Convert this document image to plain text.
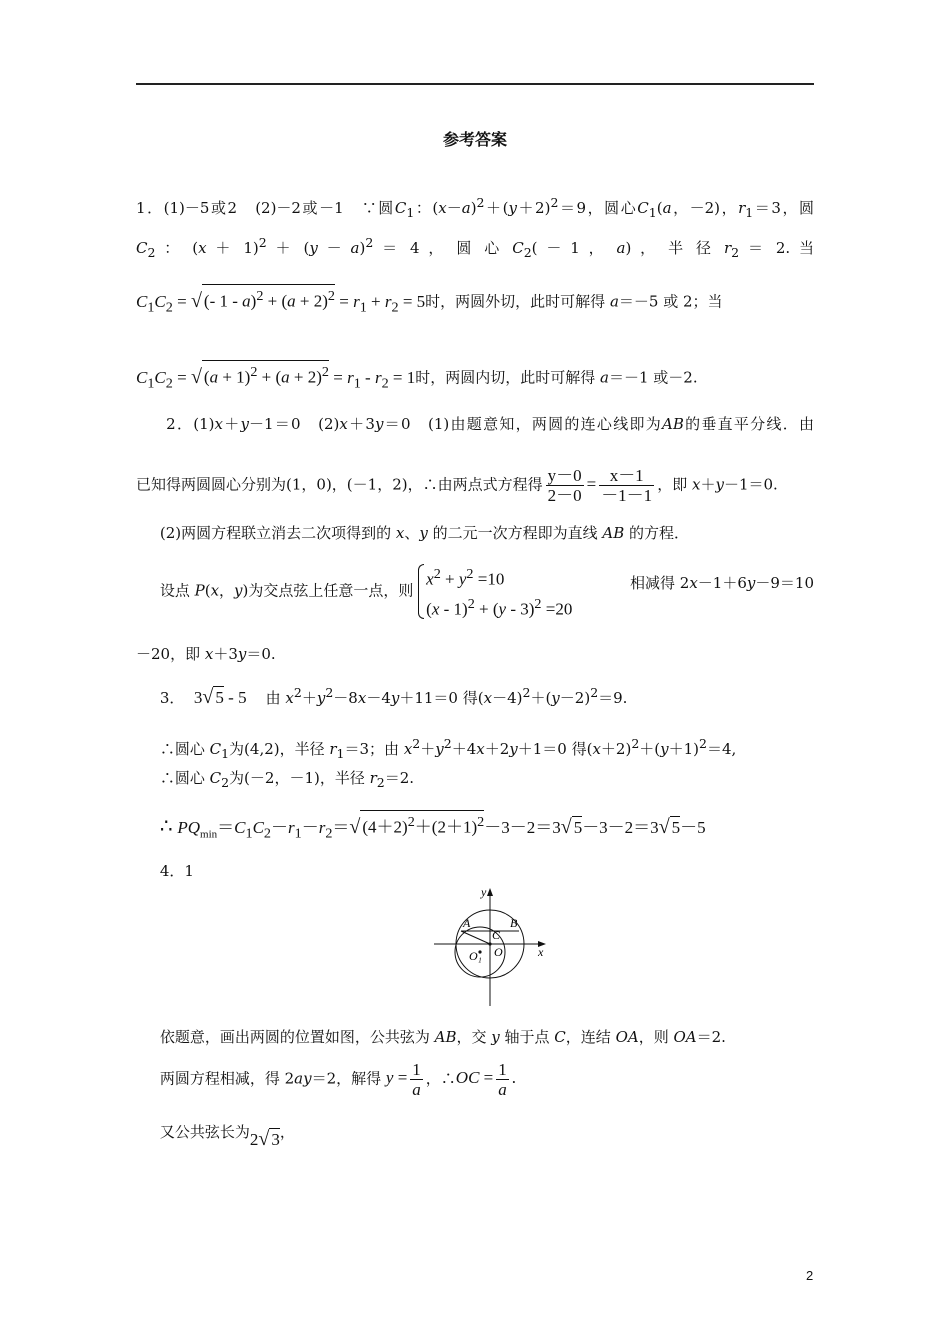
参考答案
1．(1)－5或2　(2)－2或－1　∵圆$C_1$：$(x-a)^2+(y+2)^2=9$，圆心$C_1(a$，－2)，$r_1=3$，圆
$C_2$ ： $(x + 1)^2 + (y - a)^2 = 4$ ， 圆 心 $C_2( - 1$ ， a) ， 半 径 $r_2 = 2$. 当
$C_1C_2$ = √ (- $1 - a)^2 + (a + 2)^2 = r_1 + r_2 = 5$时，两圆外切，此时可解得 a＝－5 或 2；当
$C_1C_2$ = √ $(a + 1)^2 + (a + 2)^2 = r_1 - r_2 = 1$时，两圆内切，此时可解得 a＝－1 或－2.
2．(1)x＋y－1＝0　(2)x＋3y＝0　(1)由题意知，两圆的连心线即为AB的垂直平分线．由
已知得两圆圆心分别为(1，0)，(－1，2)，∴由两点式方程得 $\frac{y-0}{2-0} = \frac{x-1}{-1-1}$ ，即 x＋y－1＝0.
(2)两圆方程联立消去二次项得到的 x、y 的二元一次方程即为直线 AB 的方程．
设点 P(x，y)为交点弦上任意一点，则
$x^2 + y^2 =10$
(x - 1)$^2$ + (y - 3)$^2$ =20
相减得 2x－1＋6y－9＝10
－20，即 x＋3y＝0.
3．  3√ 5 - 5    由 $x^2+y^2-8x-4y+11=0$ 得$(x-4)^2+(y-2)^2=9$.
∴圆心 $C_1$为(4,2)，半径 $r_1=3$；由 $x^2+y^2+4x+2y+1=0$ 得$(x+2)^2+(y+1)^2=4$,
∴圆心 $C_2$为(－2，－1)，半径 $r_2=2$.
∴ $PQ_{min}=C_1C_2-r_1-r_2=√$ $(4+2)^2+(2+1)^2-3-2=3√$ 5－3－2＝3√ 5－5
4．1
y
x
A	B
C
O
O₁
依题意，画出两圆的位置如图，公共弦为 AB，交 y 轴于点 C，连结 OA，则 OA＝2.
两圆方程相减，得 2ay＝2，解得 $y = \frac{1}{a}$ ，∴OC = $\frac{1}{a}$ .
又公共弦长为2√ 3，
2
